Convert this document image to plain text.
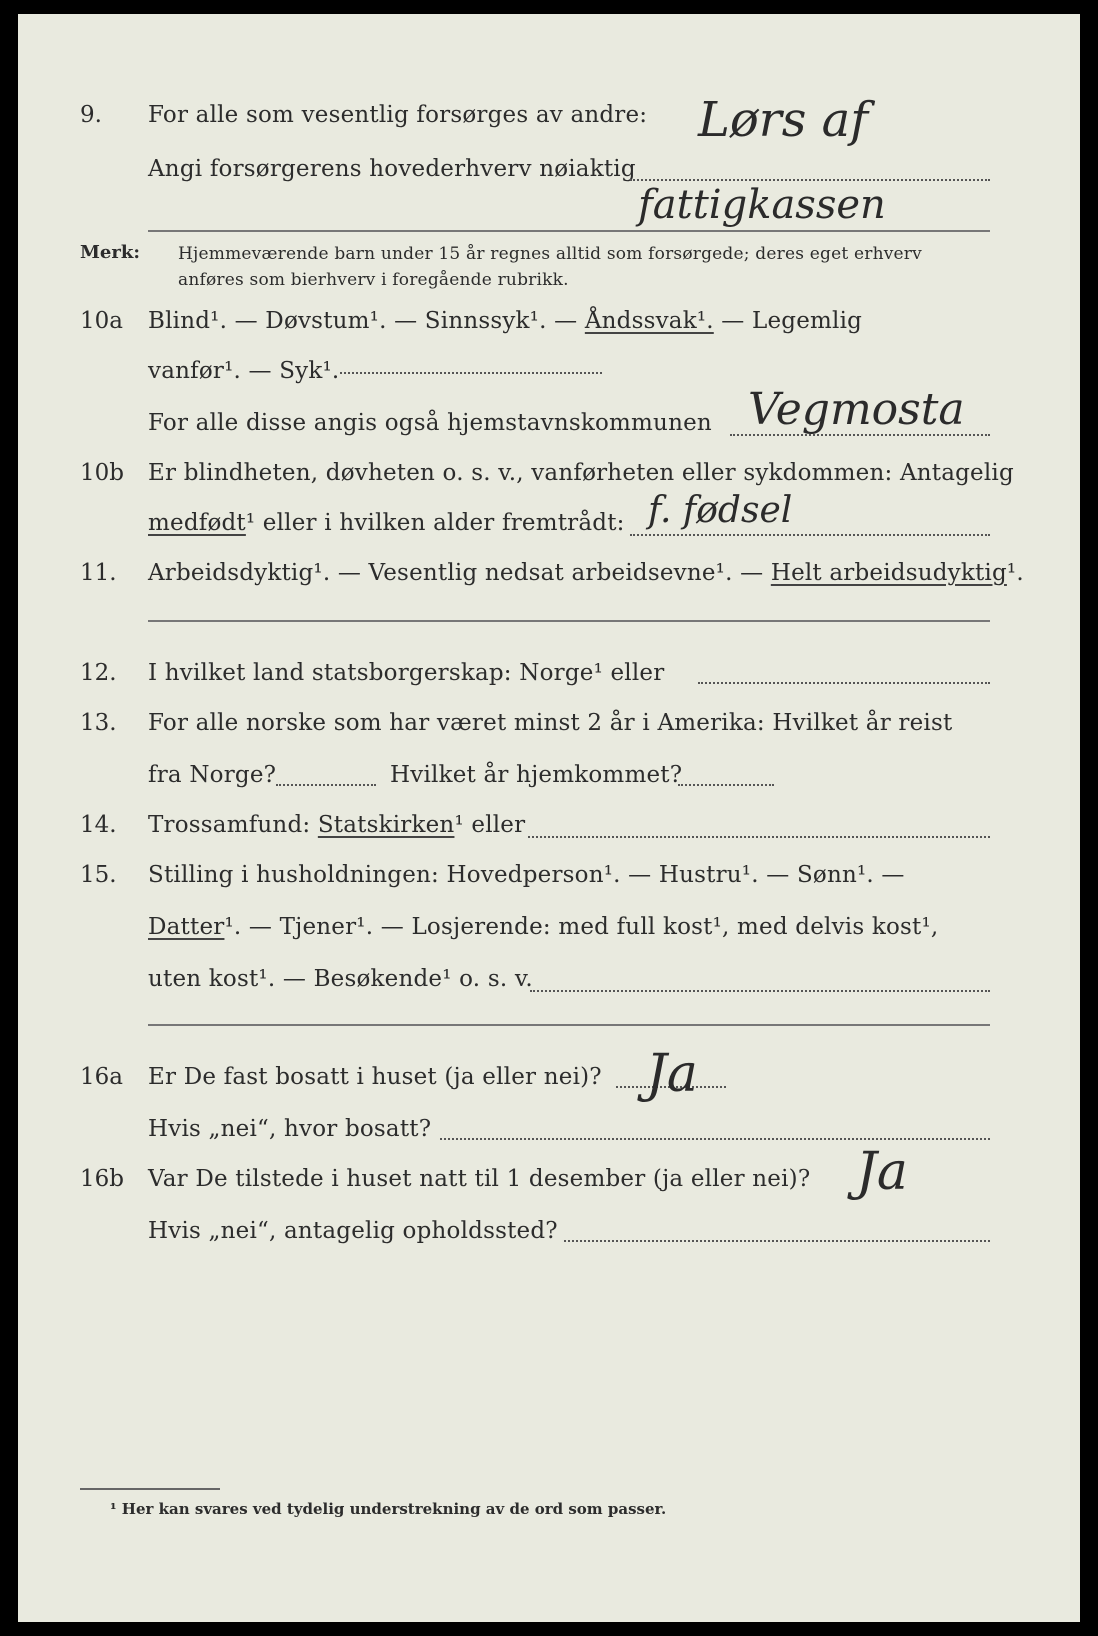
9. For alle som vesentlig forsørges av andre: Lørs af
Angi forsørgerens hovederhverv nøiaktig
fattigkassen
Merk: Hjemmeværende barn under 15 år regnes alltid som forsørgede; deres eget erhverv
anføres som bierhverv i foregående rubrikk.
10a Blind¹. — Døvstum¹. — Sinnssyk¹. — Åndssvak¹. — Legemlig
vanfør¹. — Syk¹.
For alle disse angis også hjemstavnskommunen Vegmosta
10b Er blindheten, døvheten o. s. v., vanførheten eller sykdommen: Antagelig
medfødt¹ eller i hvilken alder fremtrådt: f. fødsel
11. Arbeidsdyktig¹. — Vesentlig nedsat arbeidsevne¹. — Helt arbeidsudyktig¹.
12. I hvilket land statsborgerskap: Norge¹ eller
13. For alle norske som har været minst 2 år i Amerika: Hvilket år reist
fra Norge?	Hvilket år hjemkommet?
14. Trossamfund: Statskirken¹ eller
15. Stilling i husholdningen: Hovedperson¹. — Hustru¹. — Sønn¹. —
Datter¹. — Tjener¹. — Losjerende: med full kost¹, med delvis kost¹,
uten kost¹. — Besøkende¹ o. s. v.
16a Er De fast bosatt i huset (ja eller nei)? Ja
Hvis „nei“, hvor bosatt?
16b Var De tilstede i huset natt til 1 desember (ja eller nei)? Ja
Hvis „nei“, antagelig opholdssted?
¹ Her kan svares ved tydelig understrekning av de ord som passer.
